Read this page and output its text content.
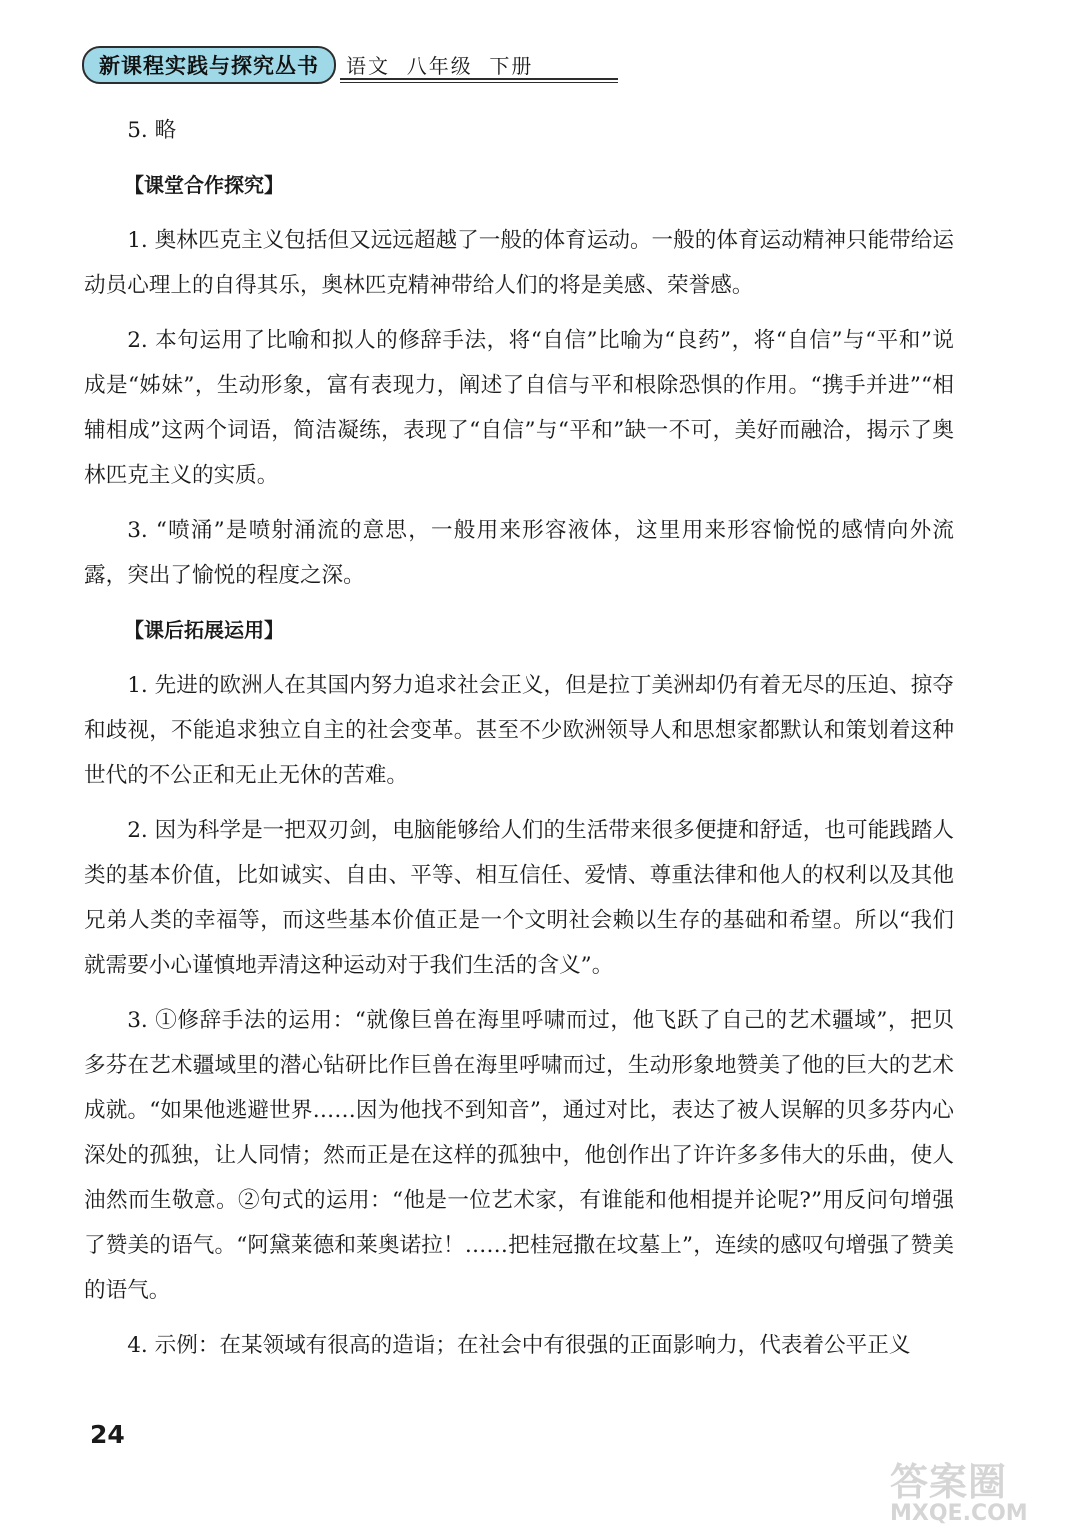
新课程实践与探究丛书	语文  八年级  下册

5. 略

【课堂合作探究】

1. 奥林匹克主义包括但又远远超越了一般的体育运动。一般的体育运动精神只能带给运动员心理上的自得其乐，奥林匹克精神带给人们的将是美感、荣誉感。

2. 本句运用了比喻和拟人的修辞手法，将“自信”比喻为“良药”，将“自信”与“平和”说成是“姊妹”，生动形象，富有表现力，阐述了自信与平和根除恐惧的作用。“携手并进”“相辅相成”这两个词语，简洁凝练，表现了“自信”与“平和”缺一不可，美好而融洽，揭示了奥林匹克主义的实质。

3. “喷涌”是喷射涌流的意思，一般用来形容液体，这里用来形容愉悦的感情向外流露，突出了愉悦的程度之深。

【课后拓展运用】

1. 先进的欧洲人在其国内努力追求社会正义，但是拉丁美洲却仍有着无尽的压迫、掠夺和歧视，不能追求独立自主的社会变革。甚至不少欧洲领导人和思想家都默认和策划着这种世代的不公正和无止无休的苦难。

2. 因为科学是一把双刃剑，电脑能够给人们的生活带来很多便捷和舒适，也可能践踏人类的基本价值，比如诚实、自由、平等、相互信任、爱情、尊重法律和他人的权利以及其他兄弟人类的幸福等，而这些基本价值正是一个文明社会赖以生存的基础和希望。所以“我们就需要小心谨慎地弄清这种运动对于我们生活的含义”。

3. ①修辞手法的运用：“就像巨兽在海里呼啸而过，他飞跃了自己的艺术疆域”，把贝多芬在艺术疆域里的潜心钻研比作巨兽在海里呼啸而过，生动形象地赞美了他的巨大的艺术成就。“如果他逃避世界……因为他找不到知音”，通过对比，表达了被人误解的贝多芬内心深处的孤独，让人同情；然而正是在这样的孤独中，他创作出了许许多多伟大的乐曲，使人油然而生敬意。②句式的运用：“他是一位艺术家，有谁能和他相提并论呢?”用反问句增强了赞美的语气。“阿黛莱德和莱奥诺拉！……把桂冠撒在坟墓上”，连续的感叹句增强了赞美的语气。

4. 示例：在某领域有很高的造诣；在社会中有很强的正面影响力，代表着公平正义

24
答案圈
MXQE.COM
